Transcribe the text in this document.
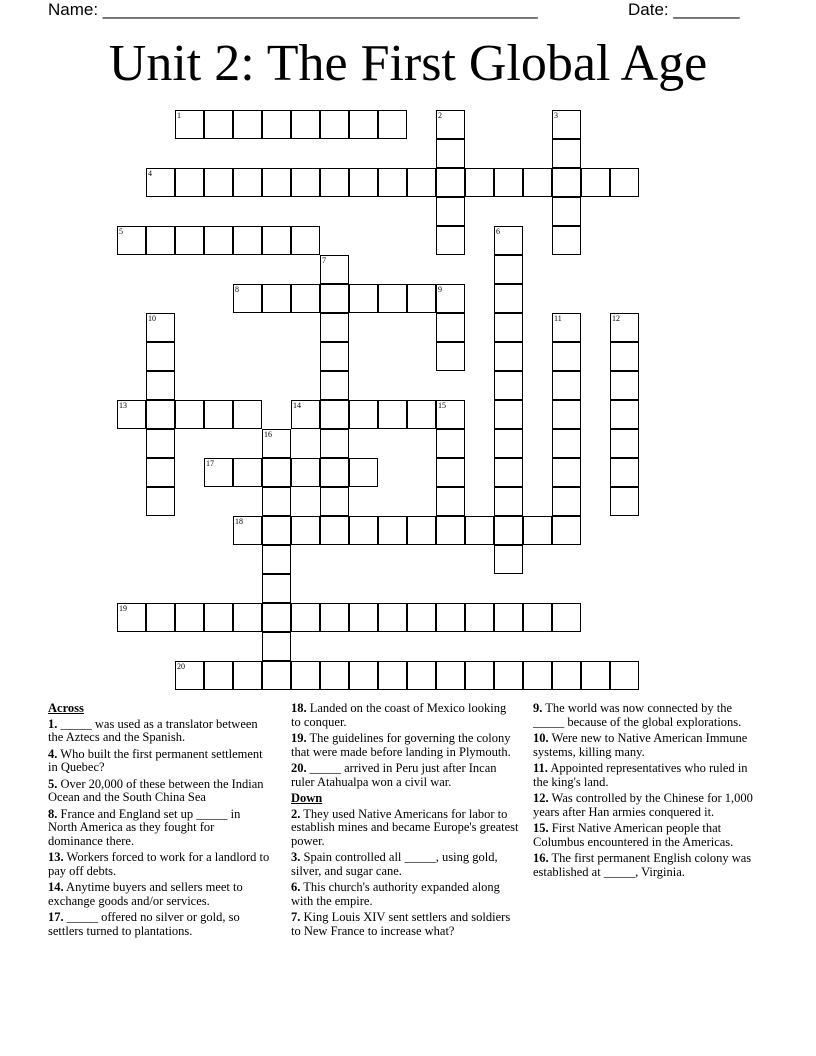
Name: ______________________________________________	Date: _______
Unit 2: The First Global Age
1	2	3
4
5	6
7
8	9
10	11	12
13	14	15
16
17
18
19
20
Across
1. _____ was used as a translator between the Aztecs and the Spanish.
4. Who built the first permanent settlement in Quebec?
5. Over 20,000 of these between the Indian Ocean and the South China Sea
8. France and England set up _____ in North America as they fought for dominance there.
13. Workers forced to work for a landlord to pay off debts.
14. Anytime buyers and sellers meet to exchange goods and/or services.
17. _____ offered no silver or gold, so settlers turned to plantations.
18. Landed on the coast of Mexico looking to conquer.
19. The guidelines for governing the colony that were made before landing in Plymouth.
20. _____ arrived in Peru just after Incan ruler Atahualpa won a civil war.
Down
2. They used Native Americans for labor to establish mines and became Europe's greatest power.
3. Spain controlled all _____, using gold, silver, and sugar cane.
6. This church's authority expanded along with the empire.
7. King Louis XIV sent settlers and soldiers to New France to increase what?
9. The world was now connected by the _____ because of the global explorations.
10. Were new to Native American Immune systems, killing many.
11. Appointed representatives who ruled in the king's land.
12. Was controlled by the Chinese for 1,000 years after Han armies conquered it.
15. First Native American people that Columbus encountered in the Americas.
16. The first permanent English colony was established at _____, Virginia.
